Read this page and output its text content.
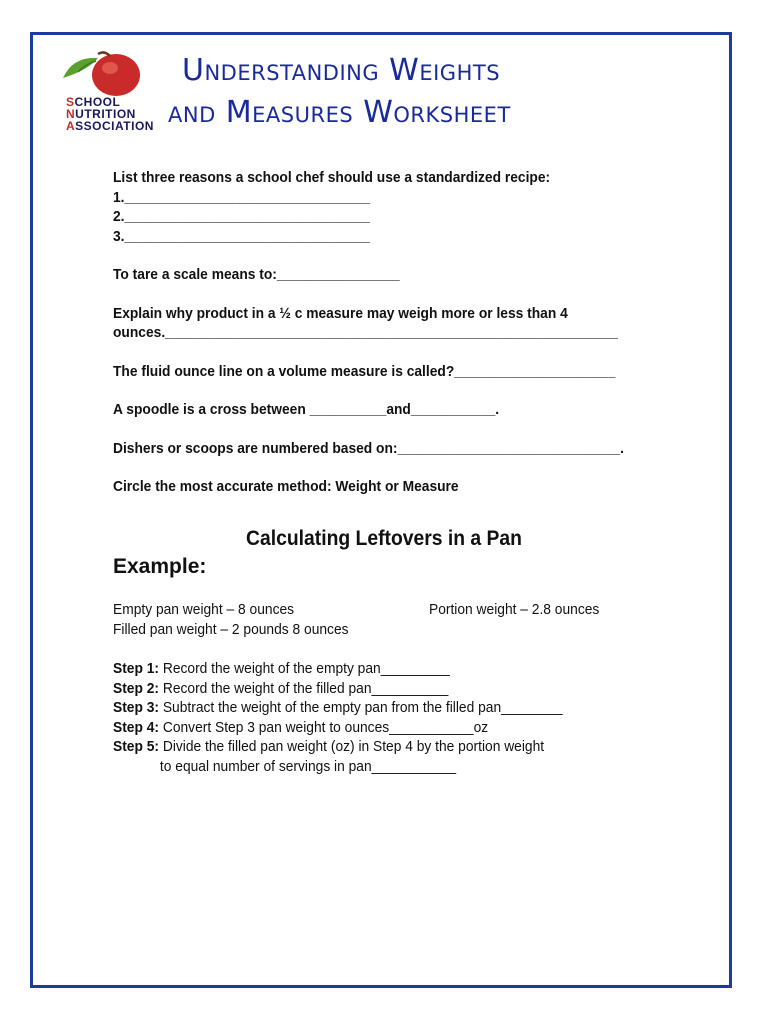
SCHOOL
NUTRITION
ASSOCIATION
Understanding Weights
and Measures Worksheet
List three reasons a school chef should use a standardized recipe:
1.________________________________
2.________________________________
3.________________________________
To tare a scale means to:________________
Explain why product in a ½ c measure may weigh more or less than 4
ounces.___________________________________________________________
The fluid ounce line on a volume measure is called?_____________________
A spoodle is a cross between __________and___________.
Dishers or scoops are numbered based on:_____________________________.
Circle the most accurate method: Weight or Measure
Calculating Leftovers in a Pan
Example:
Empty pan weight – 8 ounces	Portion weight – 2.8 ounces
Filled pan weight – 2 pounds 8 ounces
Step 1: Record the weight of the empty pan_________
Step 2: Record the weight of the filled pan__________
Step 3: Subtract the weight of the empty pan from the filled pan________
Step 4: Convert Step 3 pan weight to ounces___________oz
Step 5: Divide the filled pan weight (oz) in Step 4 by the portion weight
to equal number of servings in pan___________
